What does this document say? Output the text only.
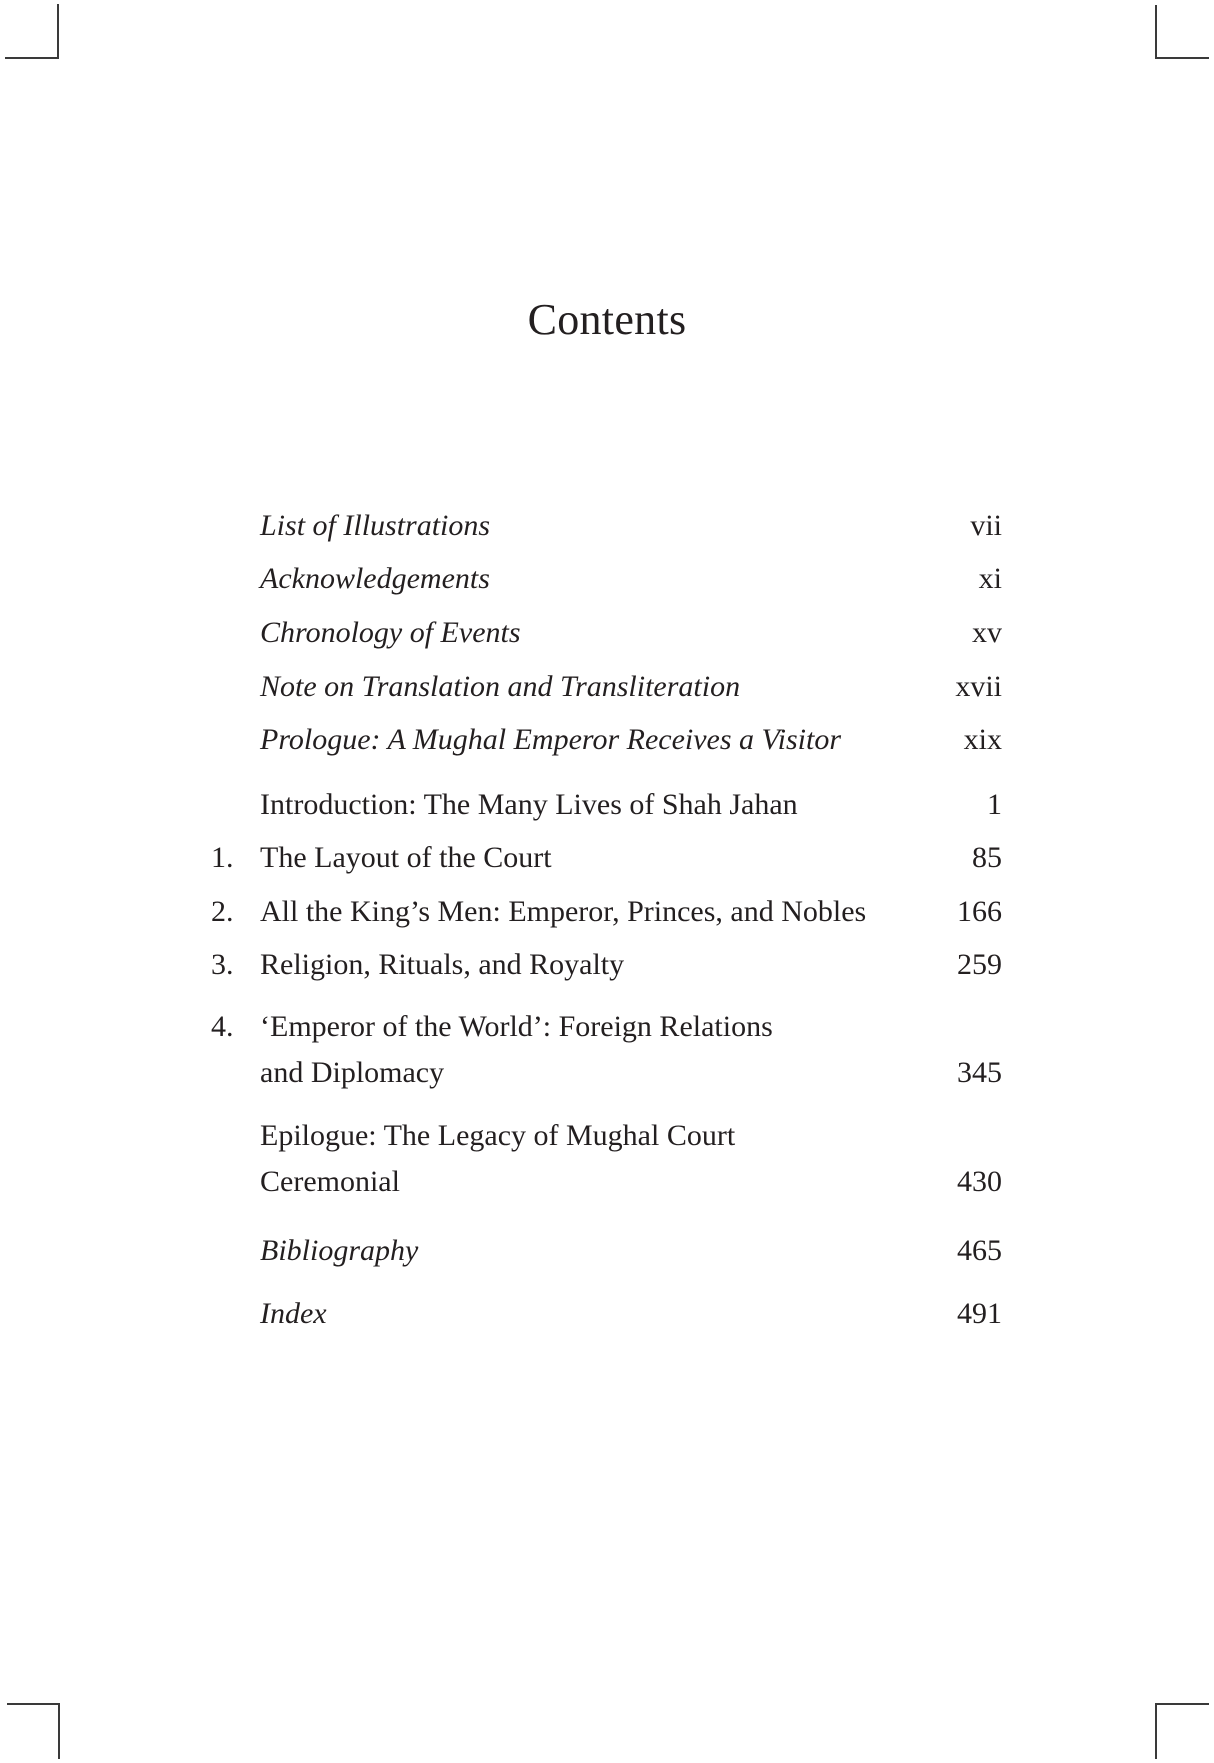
Contents
List of Illustrations	vii
Acknowledgements	xi
Chronology of Events	xv
Note on Translation and Transliteration	xvii
Prologue: A Mughal Emperor Receives a Visitor	xix
Introduction: The Many Lives of Shah Jahan	1
1. The Layout of the Court	85
2. All the King’s Men: Emperor, Princes, and Nobles	166
3. Religion, Rituals, and Royalty	259
4. ‘Emperor of the World’: Foreign Relations
and Diplomacy	345
Epilogue: The Legacy of Mughal Court
Ceremonial	430
Bibliography	465
Index	491
